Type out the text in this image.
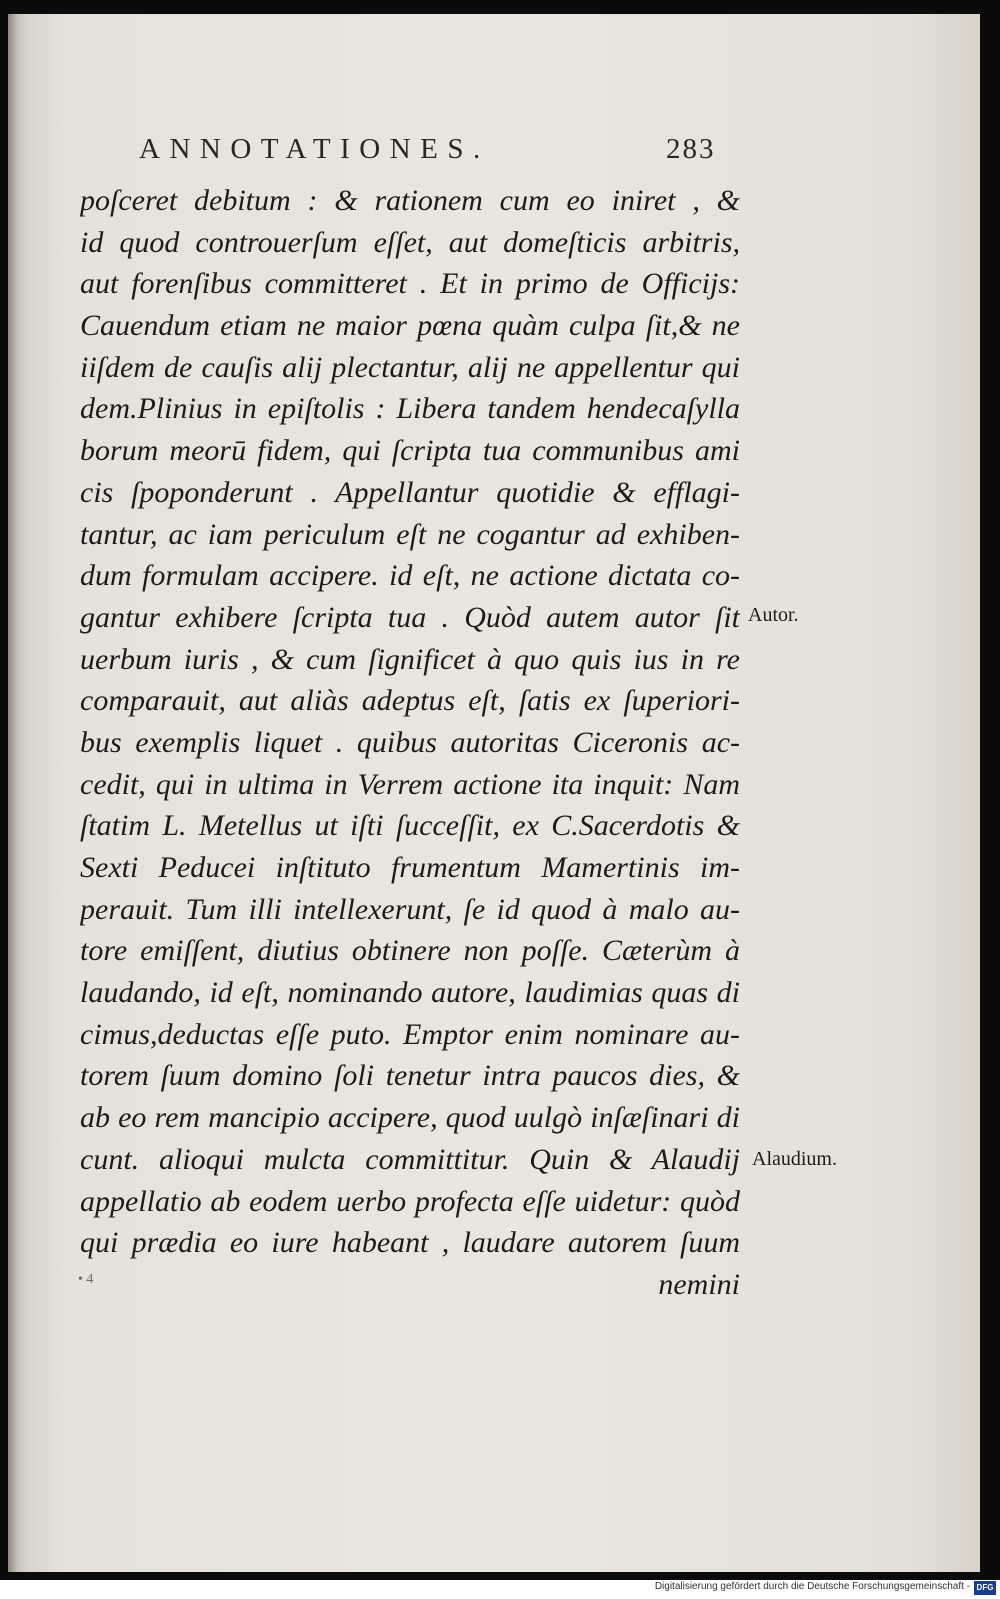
ANNOTATIONES.	283
poſceret debitum : & rationem cum eo iniret , &
id quod controuerſum eſſet, aut domeſticis arbitris,
aut forenſibus committeret . Et in primo de Officijs:
Cauendum etiam ne maior pœna quàm culpa ſit,& ne
iiſdem de cauſis alij plectantur, alij ne appellentur qui
dem.Plinius in epiſtolis : Libera tandem hendecaſylla
borum meorū fidem, qui ſcripta tua communibus ami
cis ſpoponderunt . Appellantur quotidie & efflagi-
tantur, ac iam periculum eſt ne cogantur ad exhiben-
dum formulam accipere. id eſt, ne actione dictata co-
gantur exhibere ſcripta tua . Quòd autem autor ſit
uerbum iuris , & cum ſignificet à quo quis ius in re
comparauit, aut aliàs adeptus eſt, ſatis ex ſuperiori-
bus exemplis liquet . quibus autoritas Ciceronis ac-
cedit, qui in ultima in Verrem actione ita inquit: Nam
ſtatim L. Metellus ut iſti ſucceſſit, ex C.Sacerdotis &
Sexti Peducei inſtituto frumentum Mamertinis im-
perauit. Tum illi intellexerunt, ſe id quod à malo au-
tore emiſſent, diutius obtinere non poſſe. Cæterùm à
laudando, id eſt, nominando autore, laudimias quas di
cimus,deductas eſſe puto. Emptor enim nominare au-
torem ſuum domino ſoli tenetur intra paucos dies, &
ab eo rem mancipio accipere, quod uulgò inſæſinari di
cunt. alioqui mulcta committitur. Quin & Alaudij
appellatio ab eodem uerbo profecta eſſe uidetur: quòd
qui prædia eo iure habeant , laudare autorem ſuum
nemini
Autor.
Alaudium.
• 4
Digitalisierung gefördert durch die Deutsche Forschungsgemeinschaft - DFG
